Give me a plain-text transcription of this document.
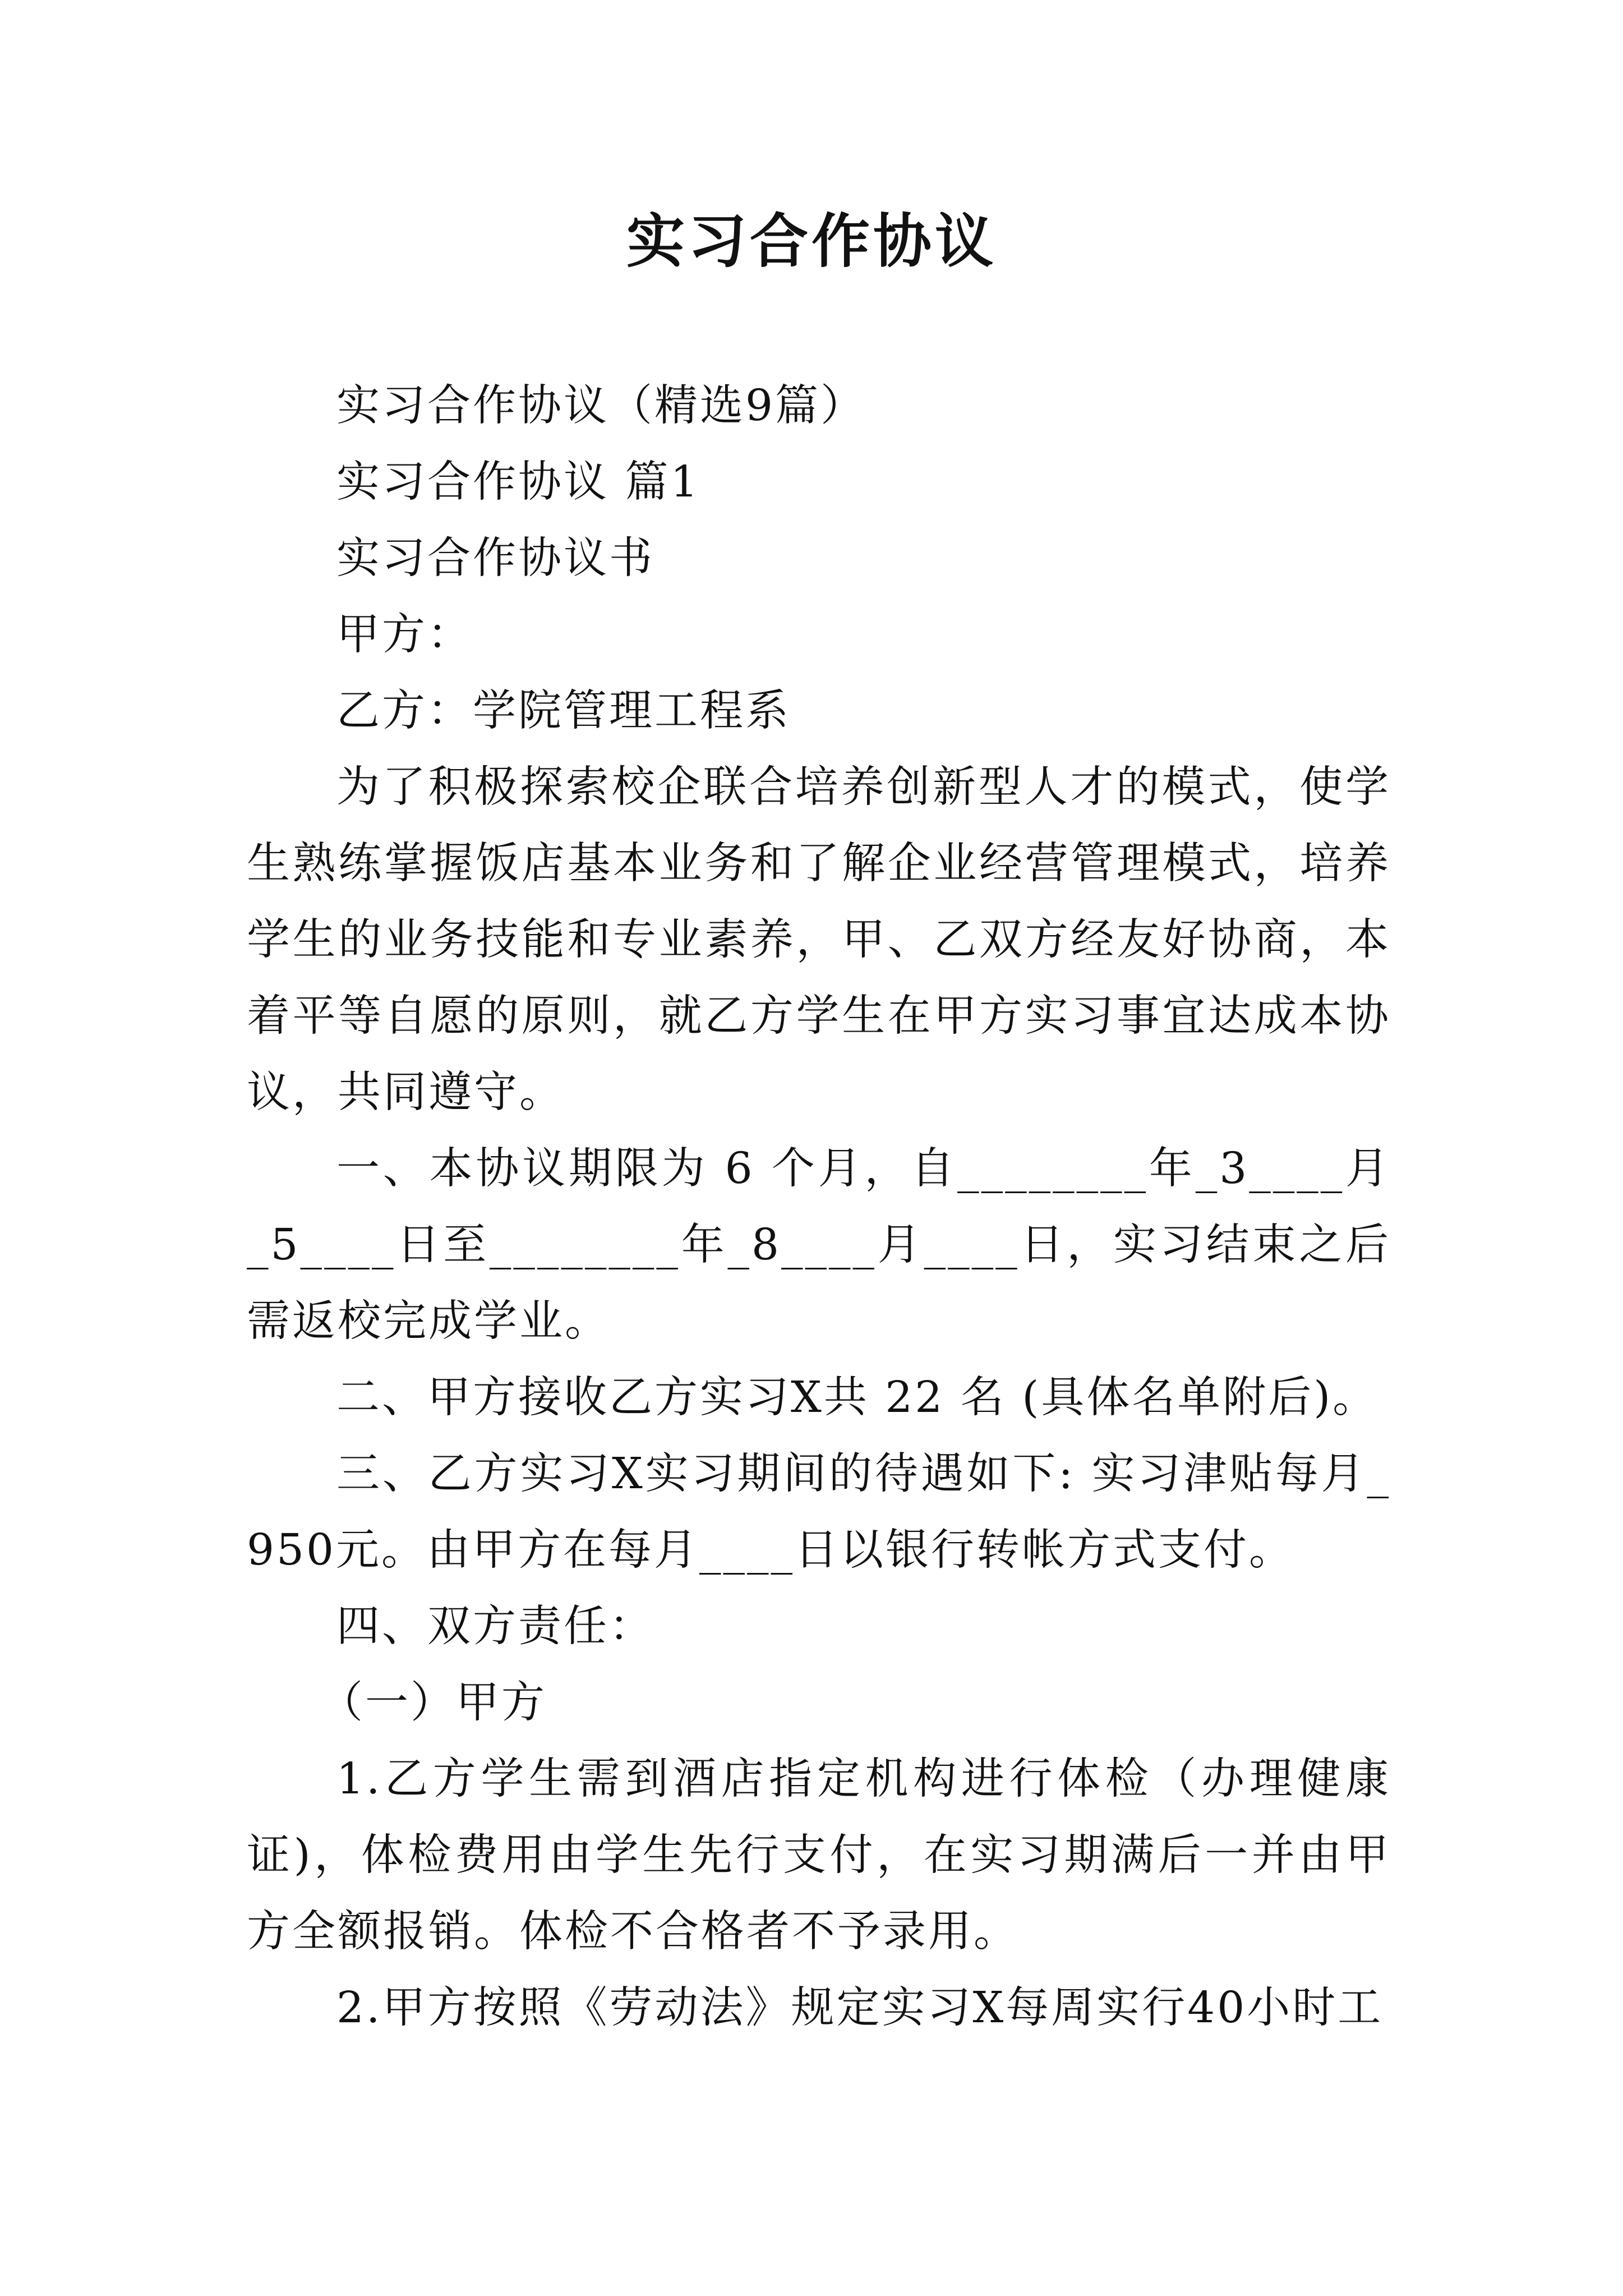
实习合作协议

实习合作协议（精选9篇）

实习合作协议 篇1

实习合作协议书

甲方：

乙方：学院管理工程系

为了积极探索校企联合培养创新型人才的模式，使学生熟练掌握饭店基本业务和了解企业经营管理模式，培养学生的业务技能和专业素养，甲、乙双方经友好协商，本着平等自愿的原则，就乙方学生在甲方实习事宜达成本协议，共同遵守。

一、本协议期限为 6 个月，自________年_3____月_5____日至________年_8____月____日，实习结束之后需返校完成学业。

二、甲方接收乙方实习X共 22 名 (具体名单附后)。

三、乙方实习X实习期间的待遇如下: 实习津贴每月_950元。由甲方在每月____日以银行转帐方式支付。

四、双方责任：

（一）甲方

1.乙方学生需到酒店指定机构进行体检（办理健康证)，体检费用由学生先行支付，在实习期满后一并由甲方全额报销。体检不合格者不予录用。

2.甲方按照《劳动法》规定实习X每周实行40小时工
